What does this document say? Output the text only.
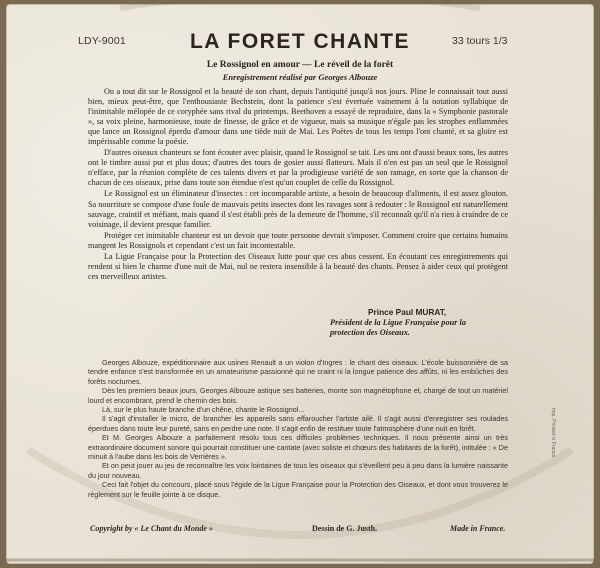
LDY-9001	LA FORET CHANTE	33 tours 1/3
Le Rossignol en amour — Le réveil de la forêt
Enregistrement réalisé par Georges Albouze

On a tout dit sur le Rossignol et la beauté de son chant, depuis l'antiquité jusqu'à nos jours. Pline le connaissait tout aussi bien, mieux peut-être, que l'enthousiaste Bechstein, dont la patience s'est évertuée vainement à la notation syllabique de l'inimitable mélopée de ce coryphée sans rival du printemps. Beethoven a essayé de reproduire, dans la « Symphonie pastorale », sa voix pleine, harmonieuse, toute de finesse, de grâce et de vigueur, mais sa musique n'égale pas les strophes enflammées que lance un Rossignol éperdu d'amour dans une tiède nuit de Mai. Les Poètes de tous les temps l'ont chanté, et sa gloire est impérissable comme la poésie.

D'autres oiseaux chanteurs se font écouter avec plaisir, quand le Rossignol se tait. Les uns ont d'aussi beaux sons, les autres ont le timbre aussi pur et plus doux; d'autres des tours de gosier aussi flatteurs. Mais il n'en est pas un seul que le Rossignol n'efface, par la réunion complète de ces talents divers et par la prodigieuse variété de son ramage, en sorte que la chanson de chacun de ces oiseaux, prise dans toute son étendue n'est qu'un couplet de celle du Rossignol.

Le Rossignol est un éliminateur d'insectes : cet incomparable artiste, a besoin de beaucoup d'aliments, il est assez glouton. Sa nourriture se compose d'une foule de mauvais petits insectes dont les ravages sont à redouter : le Rossignol est naturellement sauvage, craintif et méfiant, mais quand il s'est établi près de la demeure de l'homme, s'il reconnaît qu'il n'a rien à craindre de ce voisinage, il devient presque familier.

Protéger cet inimitable chanteur est un devoir que toute personne devrait s'imposer. Comment croire que certains humains mangent les Rossignols et cependant c'est un fait incontestable.

La Ligue Française pour la Protection des Oiseaux lutte pour que ces abus cessent. En écoutant ces enregistrements qui rendent si bien le charme d'une nuit de Mai, nul ne restera insensible à la beauté des chants. Pensez à aider ceux qui protègent ces merveilleux artistes.

Prince Paul MURAT,
Président de la Ligue Française pour la protection des Oiseaux.

Georges Albouze, expéditionnaire aux usines Renault a un violon d'Ingres : le chant des oiseaux. L'école buissonnière de sa tendre enfance s'est transformée en un amateurisme passionné qui ne craint ni la longue patience des affûts, ni les embûches des forêts nocturnes.

Dès les premiers beaux jours, Georges Albouze astique ses batteries, monte son magnétophone et, chargé de tout un matériel lourd et encombrant, prend le chemin des bois.

Là, sur le plus haute branche d'un chêne, chante le Rossignol...

Il s'agit d'installer le micro, de brancher les appareils sans effaroucher l'artiste ailé. Il s'agit aussi d'enregistrer ses roulades éperdues dans toute leur pureté, sans en perdre une note. Il s'agit enfin de restituer toute l'atmosphère d'une nuit en forêt.

Et M. Georges Albouze a parfaitement résolu tous ces difficiles problèmes techniques. Il nous présente ainsi un très extraordinaire document sonore qui pourrait constituer une cantate (avec soliste et chœurs des habitants de la forêt), intitulée : « De minuit à l'aube dans les bois de Verrières ».

Et on peut jouer au jeu de reconnaître les voix lointaines de tous les oiseaux qui s'éveillent peu à peu dans la lumière naissante du jour nouveau.

Ceci fait l'objet du concours, placé sous l'égide de la Ligue Française pour la Protection des Oiseaux, et dont vous trouverez le règlement sur le feuille jointe à ce disque.

Copyright by « Le Chant du Monde »	Dessin de G. Justh.	Made in France.
Imp. Printed in France
